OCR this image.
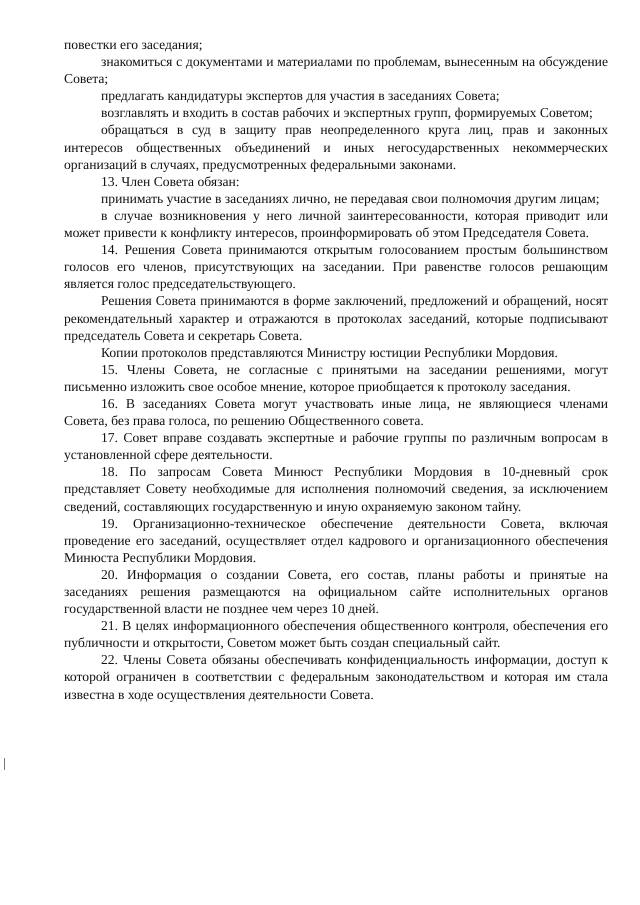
повестки его заседания;

знакомиться с документами и материалами по проблемам, вынесенным на обсуждение Совета;

предлагать кандидатуры экспертов для участия в заседаниях Совета;

возглавлять и входить в состав рабочих и экспертных групп, формируемых Советом;

обращаться в суд в защиту прав неопределенного круга лиц, прав и законных интересов общественных объединений и иных негосударственных некоммерческих организаций в случаях, предусмотренных федеральными законами.

13. Член Совета обязан:

принимать участие в заседаниях лично, не передавая свои полномочия другим лицам;

в случае возникновения у него личной заинтересованности, которая приводит или может привести к конфликту интересов, проинформировать об этом Председателя Совета.

14. Решения Совета принимаются открытым голосованием простым большинством голосов его членов, присутствующих на заседании. При равенстве голосов решающим является голос председательствующего.

Решения Совета принимаются в форме заключений, предложений и обращений, носят рекомендательный характер и отражаются в протоколах заседаний, которые подписывают председатель Совета и секретарь Совета.

Копии протоколов представляются Министру юстиции Республики Мордовия.

15. Члены Совета, не согласные с принятыми на заседании решениями, могут письменно изложить свое особое мнение, которое приобщается к протоколу заседания.

16. В заседаниях Совета могут участвовать иные лица, не являющиеся членами Совета, без права голоса, по решению Общественного совета.

17. Совет вправе создавать экспертные и рабочие группы по различным вопросам в установленной сфере деятельности.

18. По запросам Совета Минюст Республики Мордовия в 10-дневный срок представляет Совету необходимые для исполнения полномочий сведения, за исключением сведений, составляющих государственную и иную охраняемую законом тайну.

19. Организационно-техническое обеспечение деятельности Совета, включая проведение его заседаний, осуществляет отдел кадрового и организационного обеспечения Минюста Республики Мордовия.

20. Информация о создании Совета, его состав, планы работы и принятые на заседаниях решения размещаются на официальном сайте исполнительных органов государственной власти не позднее чем через 10 дней.

21. В целях информационного обеспечения общественного контроля, обеспечения его публичности и открытости, Советом может быть создан специальный сайт.

22. Члены Совета обязаны обеспечивать конфиденциальность информации, доступ к которой ограничен в соответствии с федеральным законодательством и которая им стала известна в ходе осуществления деятельности Совета.
